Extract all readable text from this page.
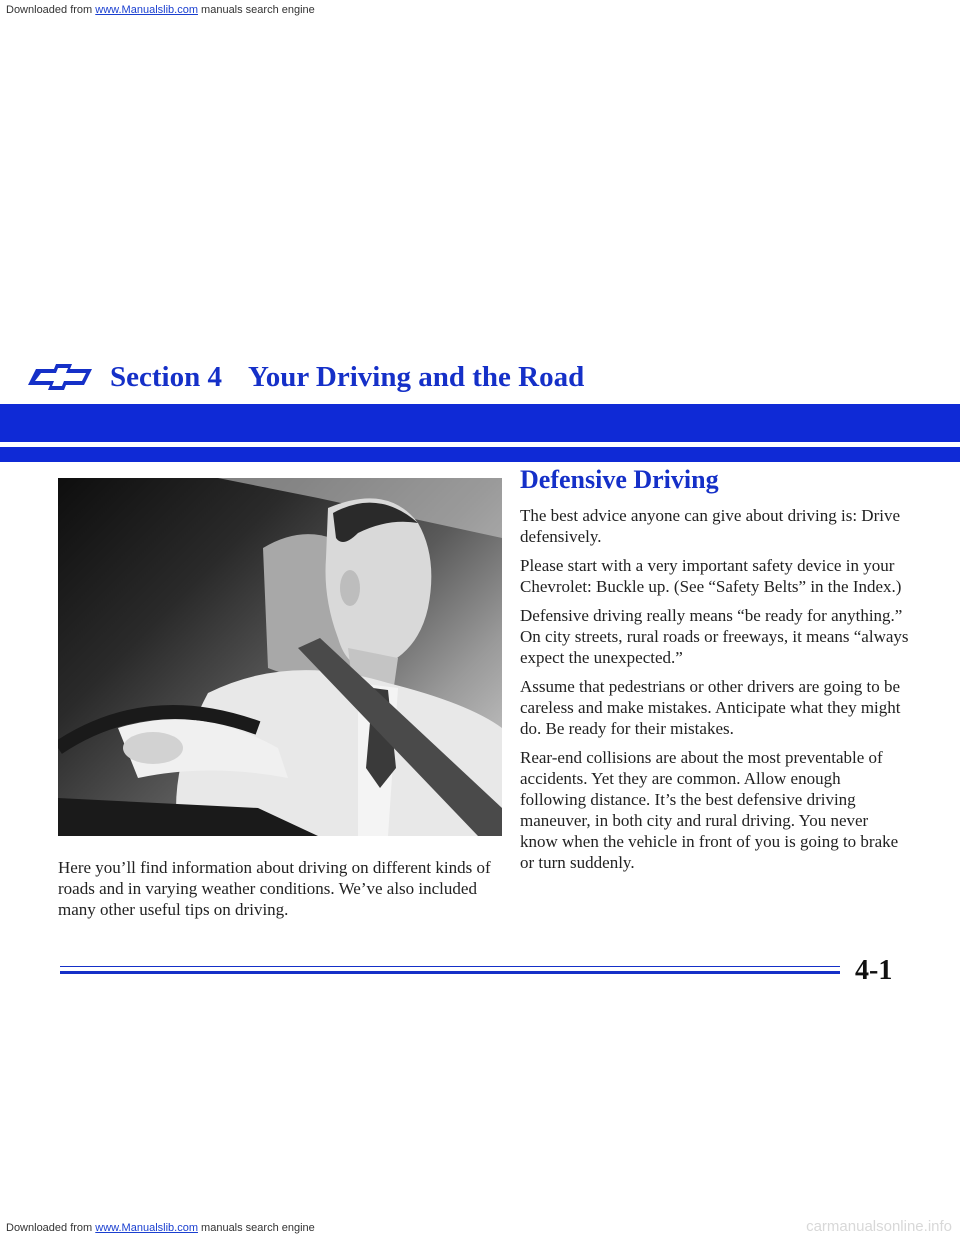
Downloaded from www.Manualslib.com manuals search engine
Section 4 Your Driving and the Road

Here you’ll find information about driving on different kinds of roads and in varying weather conditions. We’ve also included many other useful tips on driving.

Defensive Driving

The best advice anyone can give about driving is: Drive defensively.

Please start with a very important safety device in your Chevrolet: Buckle up. (See “Safety Belts” in the Index.)

Defensive driving really means “be ready for anything.” On city streets, rural roads or freeways, it means “always expect the unexpected.”

Assume that pedestrians or other drivers are going to be careless and make mistakes. Anticipate what they might do. Be ready for their mistakes.

Rear-end collisions are about the most preventable of accidents. Yet they are common. Allow enough following distance. It’s the best defensive driving maneuver, in both city and rural driving. You never know when the vehicle in front of you is going to brake or turn suddenly.

4-1
Downloaded from www.Manualslib.com manuals search engine	carmanualsonline.info
